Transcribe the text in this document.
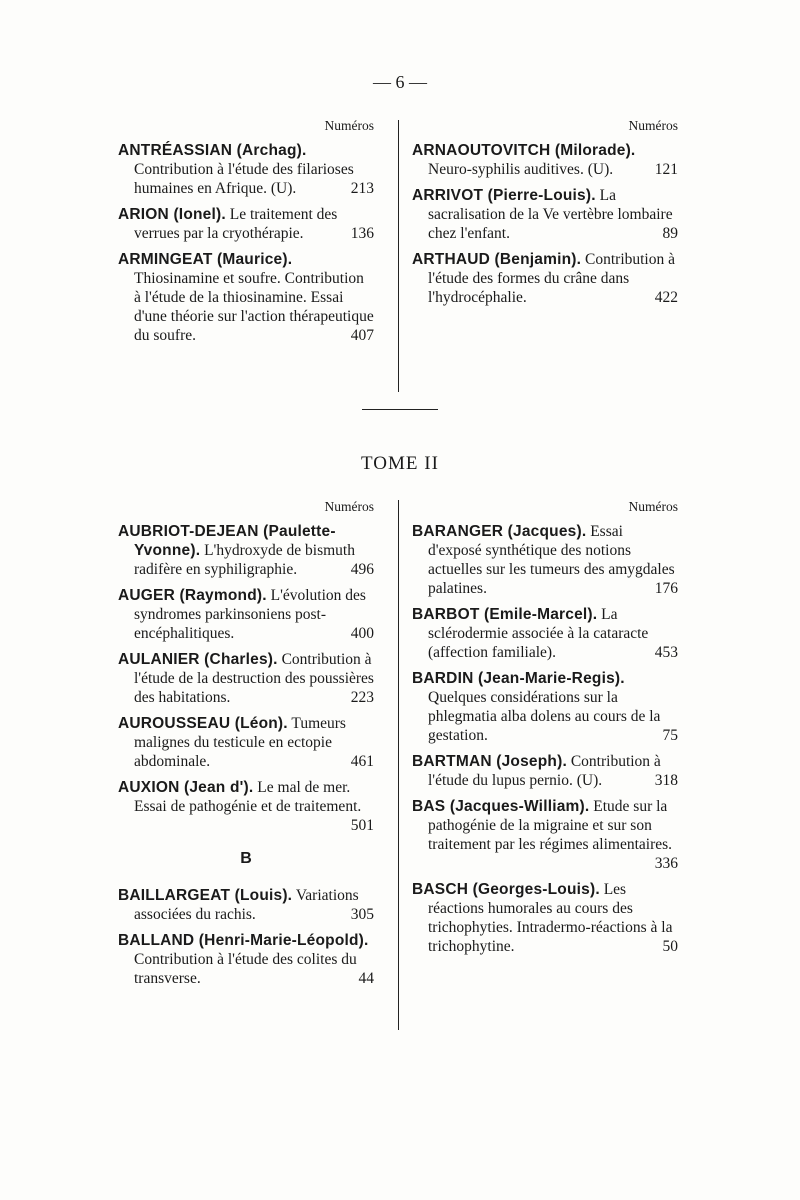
— 6 —
Numéros
ANTRÉASSIAN (Archag). Contribution à l'étude des filarioses humaines en Afrique. (U).	213
ARION (Ionel). Le traitement des verrues par la cryothérapie.	136
ARMINGEAT (Maurice). Thiosinamine et soufre. Contribution à l'étude de la thiosinamine. Essai d'une théorie sur l'action thérapeutique du soufre.	407
Numéros
ARNAOUTOVITCH (Milorade). Neuro-syphilis auditives. (U).	121
ARRIVOT (Pierre-Louis). La sacralisation de la Ve vertèbre lombaire chez l'enfant.	89
ARTHAUD (Benjamin). Contribution à l'étude des formes du crâne dans l'hydrocéphalie.	422
TOME II
Numéros
AUBRIOT-DEJEAN (Paulette-Yvonne). L'hydroxyde de bismuth radifère en syphiligraphie.	496
AUGER (Raymond). L'évolution des syndromes parkinsoniens post-encéphalitiques.	400
AULANIER (Charles). Contribution à l'étude de la destruction des poussières des habitations.	223
AUROUSSEAU (Léon). Tumeurs malignes du testicule en ectopie abdominale.	461
AUXION (Jean d'). Le mal de mer. Essai de pathogénie et de traitement.
501
B
BAILLARGEAT (Louis). Variations associées du rachis.	305
BALLAND (Henri-Marie-Léopold). Contribution à l'étude des colites du transverse.	44
Numéros
BARANGER (Jacques). Essai d'exposé synthétique des notions actuelles sur les tumeurs des amygdales palatines.	176
BARBOT (Emile-Marcel). La sclérodermie associée à la cataracte (affection familiale).	453
BARDIN (Jean-Marie-Regis). Quelques considérations sur la phlegmatia alba dolens au cours de la gestation.	75
BARTMAN (Joseph). Contribution à l'étude du lupus pernio. (U).	318
BAS (Jacques-William). Etude sur la pathogénie de la migraine et sur son traitement par les régimes alimentaires.
336
BASCH (Georges-Louis). Les réactions humorales au cours des trichophyties. Intradermo-réactions à la trichophytine.	50
